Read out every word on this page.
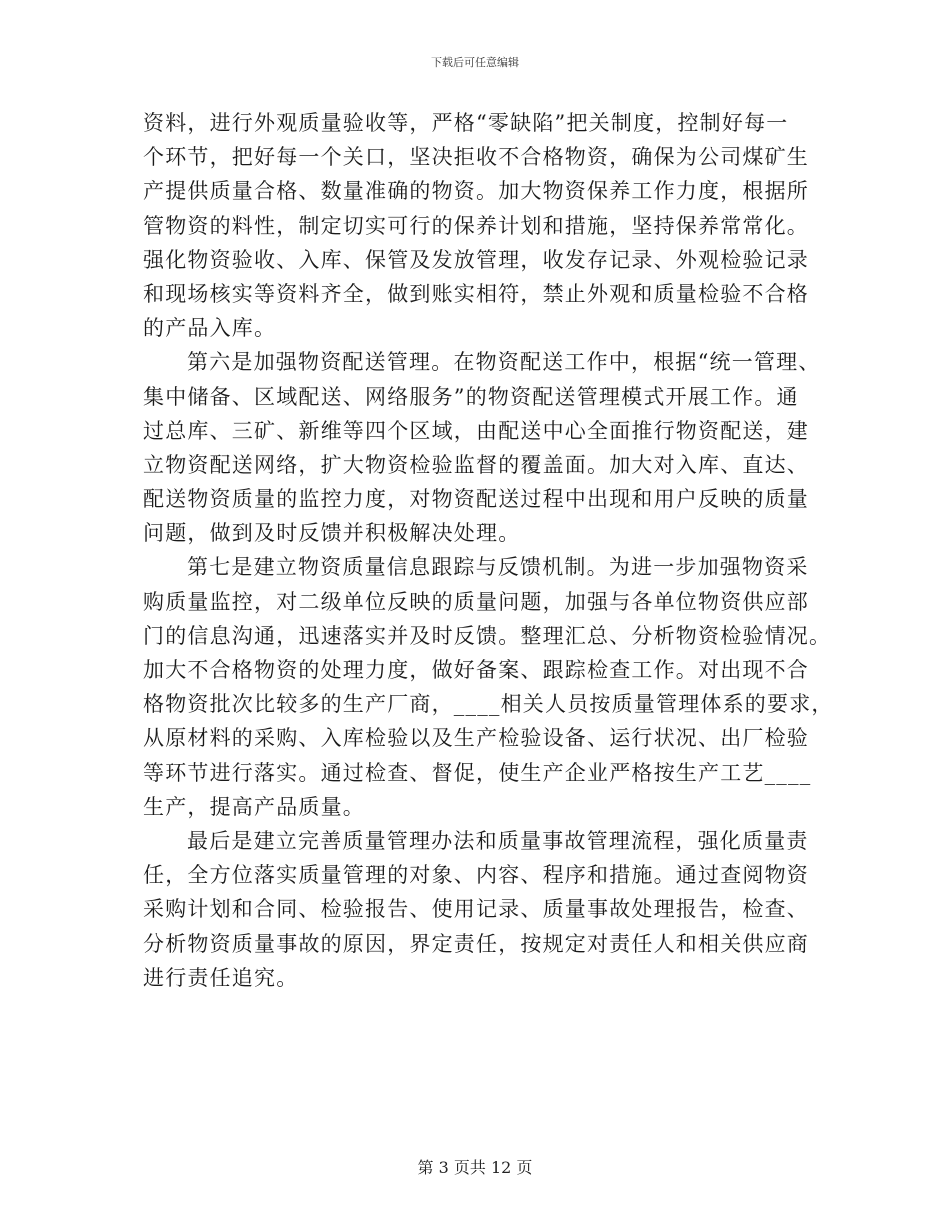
下载后可任意编辑
资料，进行外观质量验收等，严格“零缺陷”把关制度，控制好每一
个环节，把好每一个关口，坚决拒收不合格物资，确保为公司煤矿生
产提供质量合格、数量准确的物资。加大物资保养工作力度，根据所
管物资的料性，制定切实可行的保养计划和措施，坚持保养常常化。
强化物资验收、入库、保管及发放管理，收发存记录、外观检验记录
和现场核实等资料齐全，做到账实相符，禁止外观和质量检验不合格
的产品入库。
第六是加强物资配送管理。在物资配送工作中，根据“统一管理、
集中储备、区域配送、网络服务”的物资配送管理模式开展工作。通
过总库、三矿、新维等四个区域，由配送中心全面推行物资配送，建
立物资配送网络，扩大物资检验监督的覆盖面。加大对入库、直达、
配送物资质量的监控力度，对物资配送过程中出现和用户反映的质量
问题，做到及时反馈并积极解决处理。
第七是建立物资质量信息跟踪与反馈机制。为进一步加强物资采
购质量监控，对二级单位反映的质量问题，加强与各单位物资供应部
门的信息沟通，迅速落实并及时反馈。整理汇总、分析物资检验情况。
加大不合格物资的处理力度，做好备案、跟踪检查工作。对出现不合
格物资批次比较多的生产厂商，____相关人员按质量管理体系的要求，
从原材料的采购、入库检验以及生产检验设备、运行状况、出厂检验
等环节进行落实。通过检查、督促，使生产企业严格按生产工艺____
生产，提高产品质量。
最后是建立完善质量管理办法和质量事故管理流程，强化质量责
任，全方位落实质量管理的对象、内容、程序和措施。通过查阅物资
采购计划和合同、检验报告、使用记录、质量事故处理报告，检查、
分析物资质量事故的原因，界定责任，按规定对责任人和相关供应商
进行责任追究。
第 3 页共 12 页
